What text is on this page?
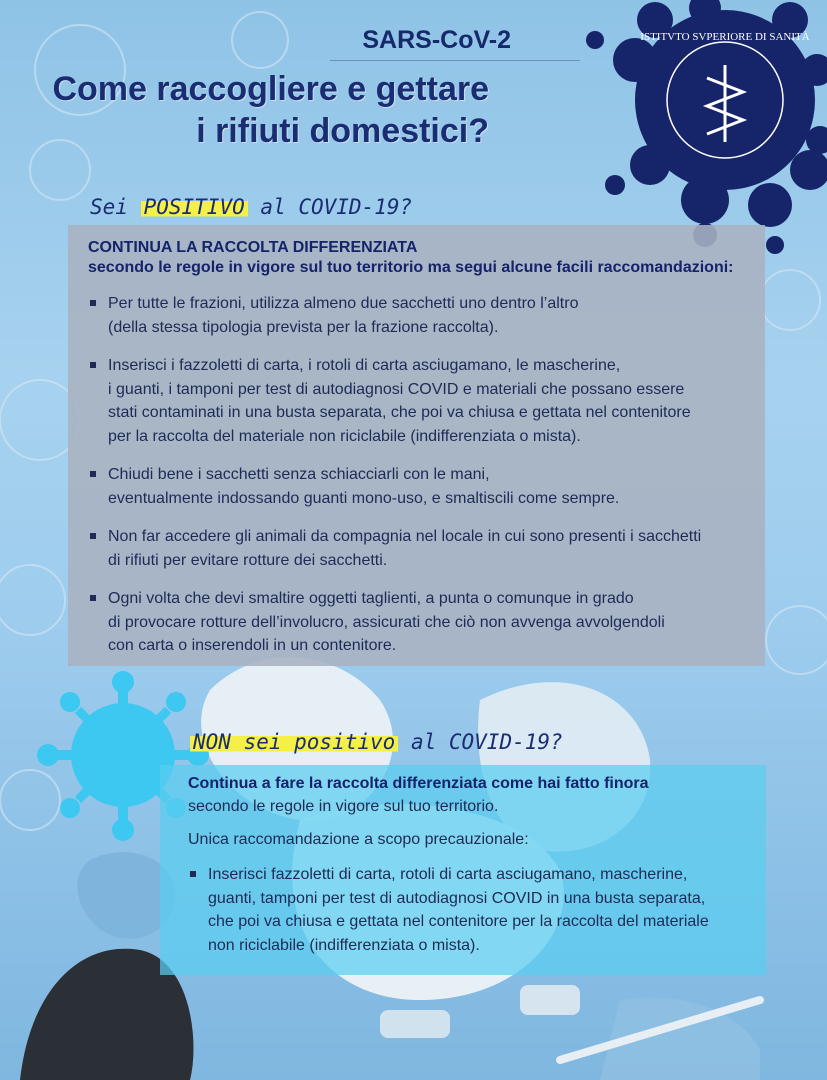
ISTITVTO SVPERIORE DI SANITÀ

SARS-CoV-2

Come raccogliere e gettare
i rifiuti domestici?
Sei POSITIVO al COVID-19?

CONTINUA LA RACCOLTA DIFFERENZIATA
secondo le regole in vigore sul tuo territorio ma segui alcune facili raccomandazioni:

Per tutte le frazioni, utilizza almeno due sacchetti uno dentro l’altro
(della stessa tipologia prevista per la frazione raccolta).
Inserisci i fazzoletti di carta, i rotoli di carta asciugamano, le mascherine,
i guanti, i tamponi per test di autodiagnosi COVID e materiali che possano essere
stati contaminati in una busta separata, che poi va chiusa e gettata nel contenitore
per la raccolta del materiale non riciclabile (indifferenziata o mista).
Chiudi bene i sacchetti senza schiacciarli con le mani,
eventualmente indossando guanti mono-uso, e smaltiscili come sempre.
Non far accedere gli animali da compagnia nel locale in cui sono presenti i sacchetti
di rifiuti per evitare rotture dei sacchetti.
Ogni volta che devi smaltire oggetti taglienti, a punta o comunque in grado
di provocare rotture dell’involucro, assicurati che ciò non avvenga avvolgendoli
con carta o inserendoli in un contenitore.
NON sei positivo al COVID-19?

Continua a fare la raccolta differenziata come hai fatto finora

secondo le regole in vigore sul tuo territorio.

Unica raccomandazione a scopo precauzionale:

Inserisci fazzoletti di carta, rotoli di carta asciugamano, mascherine,
guanti, tamponi per test di autodiagnosi COVID in una busta separata,
che poi va chiusa e gettata nel contenitore per la raccolta del materiale
non riciclabile (indifferenziata o mista).
